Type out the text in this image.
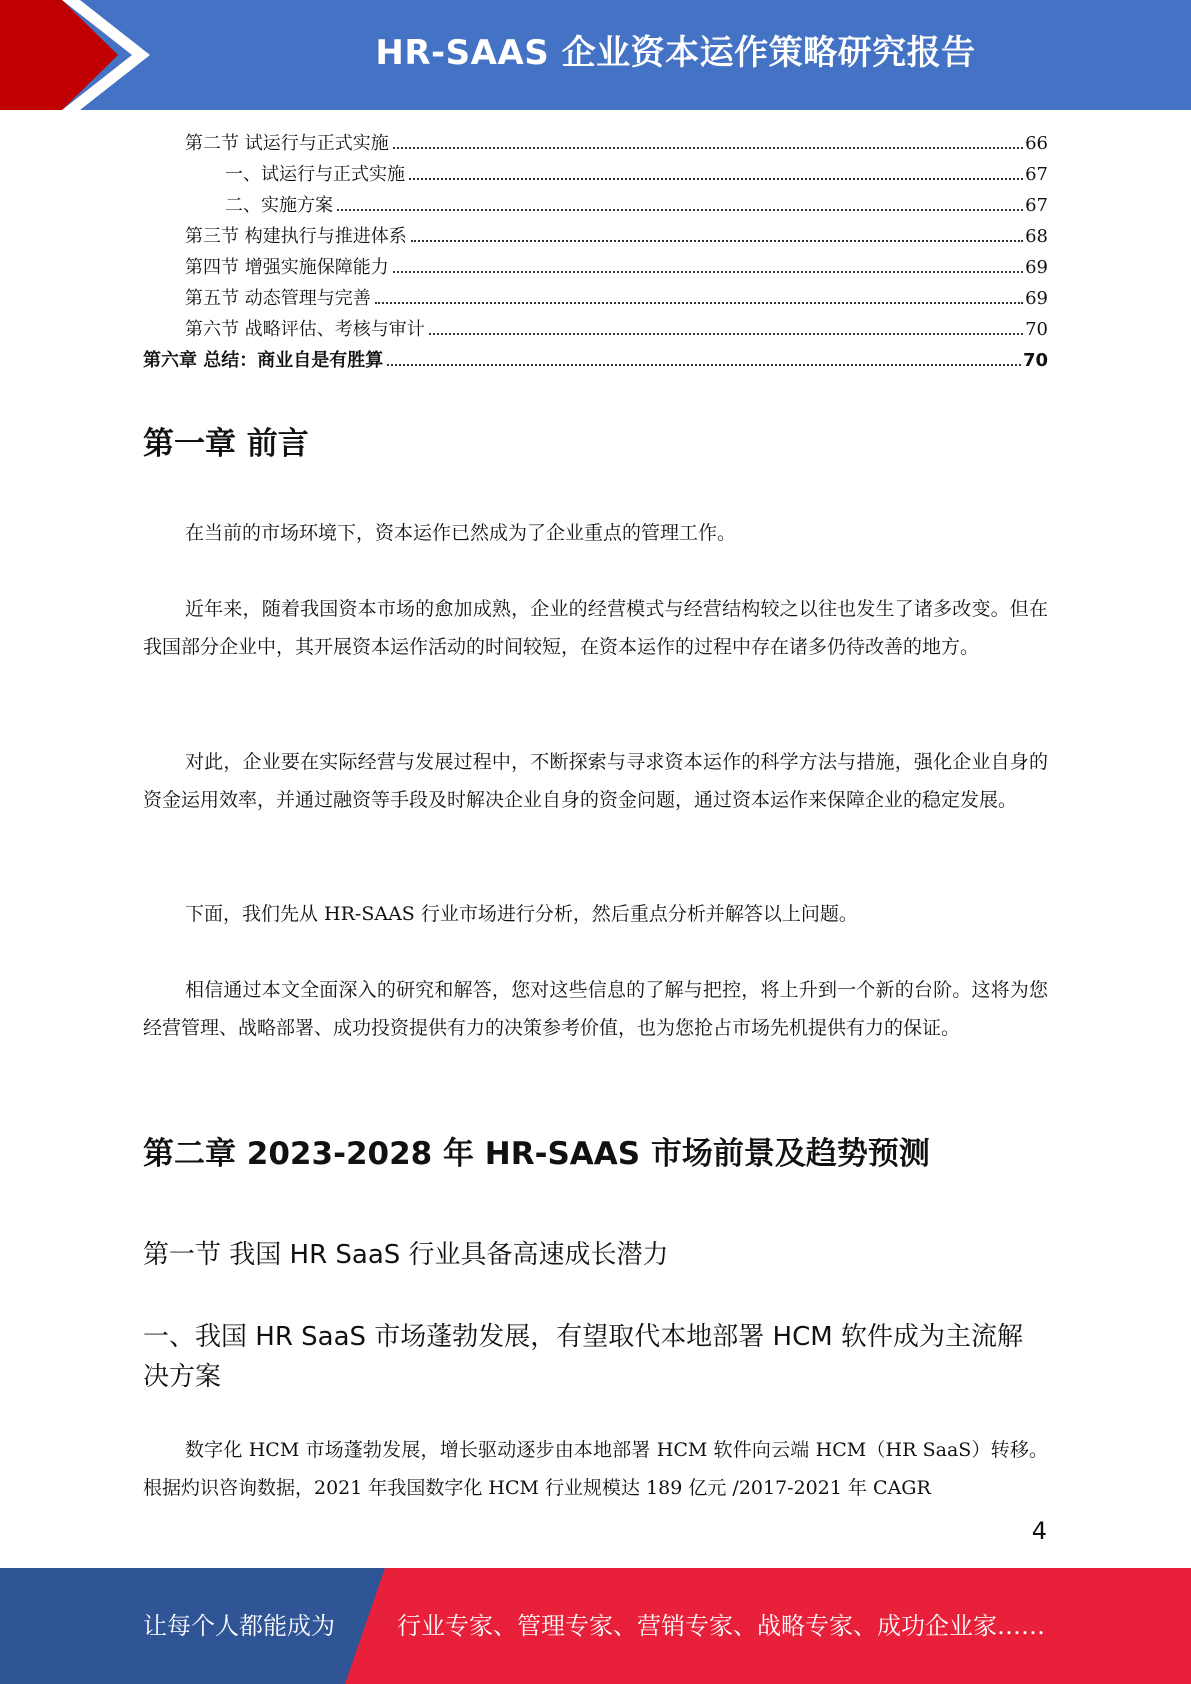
HR-SAAS 企业资本运作策略研究报告
第二节 试运行与正式实施	66
一、试运行与正式实施	67
二、实施方案	67
第三节 构建执行与推进体系	68
第四节 增强实施保障能力	69
第五节 动态管理与完善	69
第六节 战略评估、考核与审计	70
第六章 总结：商业自是有胜算	70
第一章 前言

在当前的市场环境下，资本运作已然成为了企业重点的管理工作。

近年来，随着我国资本市场的愈加成熟，企业的经营模式与经营结构较之以往也发生了诸多改变。但在我国部分企业中，其开展资本运作活动的时间较短，在资本运作的过程中存在诸多仍待改善的地方。

对此，企业要在实际经营与发展过程中，不断探索与寻求资本运作的科学方法与措施，强化企业自身的资金运用效率，并通过融资等手段及时解决企业自身的资金问题，通过资本运作来保障企业的稳定发展。

下面，我们先从 HR-SAAS 行业市场进行分析，然后重点分析并解答以上问题。

相信通过本文全面深入的研究和解答，您对这些信息的了解与把控，将上升到一个新的台阶。这将为您经营管理、战略部署、成功投资提供有力的决策参考价值，也为您抢占市场先机提供有力的保证。

第二章 2023-2028 年 HR-SAAS 市场前景及趋势预测
第一节 我国 HR SaaS 行业具备高速成长潜力
一、我国 HR SaaS 市场蓬勃发展，有望取代本地部署 HCM 软件成为主流解决方案

数字化 HCM 市场蓬勃发展，增长驱动逐步由本地部署 HCM 软件向云端 HCM（HR SaaS）转移。根据灼识咨询数据，2021 年我国数字化 HCM 行业规模达 189 亿元 /2017-2021 年 CAGR

4
让每个人都能成为	行业专家、管理专家、营销专家、战略专家、成功企业家……
